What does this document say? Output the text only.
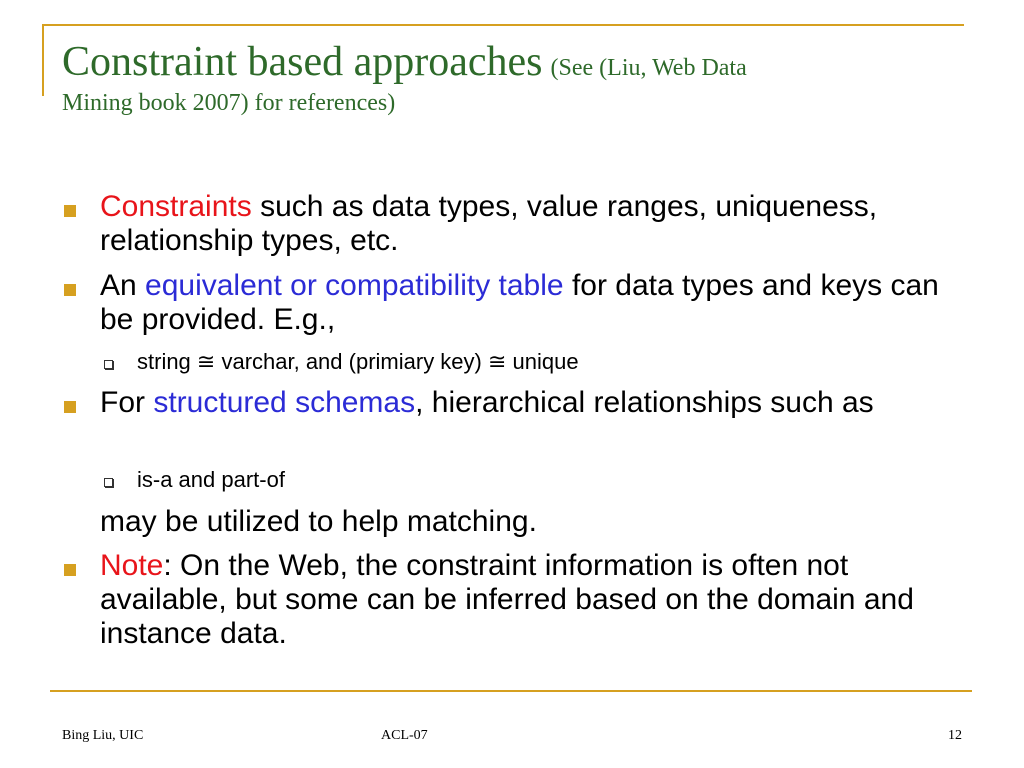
Constraint based approaches (See (Liu, Web Data
Mining book 2007) for references)
Constraints such as data types, value ranges, uniqueness, relationship types, etc.
An equivalent or compatibility table for data types and keys can be provided. E.g.,
string ≅ varchar, and (primiary key) ≅ unique
For structured schemas, hierarchical relationships such as
is-a and part-of
may be utilized to help matching.
Note: On the Web, the constraint information is often not available, but some can be inferred based on the domain and instance data.
Bing Liu, UIC	ACL-07	12
